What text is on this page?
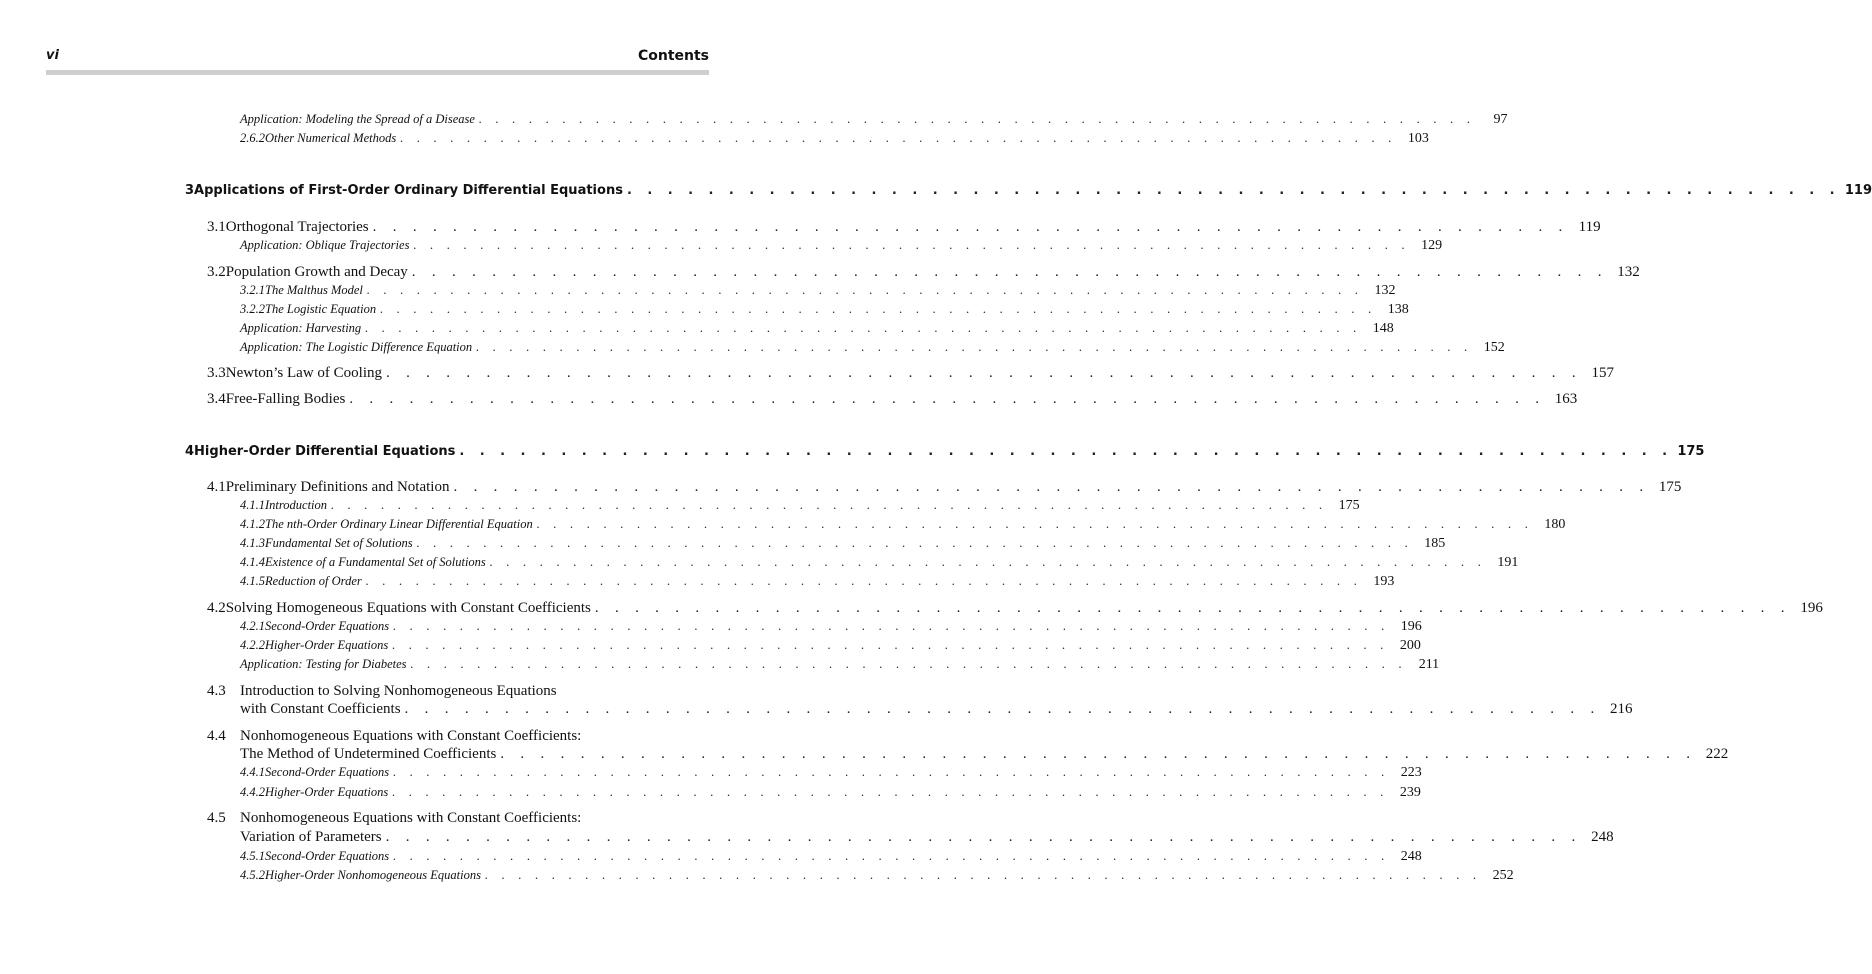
vi	Contents
Application: Modeling the Spread of a Disease . . . . . . . . . . . . . . . . . . . . . . . . . . . . . . . . . . . . . . . . . . . . . . . . . . . . . . . . . . . .	97
2.6.2 Other Numerical Methods . . . . . . . . . . . . . . . . . . . . . . . . . . . . . . . . . . . . . . . . . . . . . . . . . . . . . . . . . . . . 103
3 Applications of First-Order Ordinary Differential Equations . . . . . . . . . . . . . . . . . . . . . . . . . . . . . . . . . . . . . . . . . . . . . . . . . . . . . . . . . . . . 119
3.1 Orthogonal Trajectories . . . . . . . . . . . . . . . . . . . . . . . . . . . . . . . . . . . . . . . . . . . . . . . . . . . . . . . . . . . . 119
Application: Oblique Trajectories . . . . . . . . . . . . . . . . . . . . . . . . . . . . . . . . . . . . . . . . . . . . . . . . . . . . . . . . . . . . 129
3.2 Population Growth and Decay . . . . . . . . . . . . . . . . . . . . . . . . . . . . . . . . . . . . . . . . . . . . . . . . . . . . . . . . . . . . 132
3.2.1 The Malthus Model . . . . . . . . . . . . . . . . . . . . . . . . . . . . . . . . . . . . . . . . . . . . . . . . . . . . . . . . . . . . 132
3.2.2 The Logistic Equation . . . . . . . . . . . . . . . . . . . . . . . . . . . . . . . . . . . . . . . . . . . . . . . . . . . . . . . . . . . . 138
Application: Harvesting . . . . . . . . . . . . . . . . . . . . . . . . . . . . . . . . . . . . . . . . . . . . . . . . . . . . . . . . . . . . 148
Application: The Logistic Difference Equation . . . . . . . . . . . . . . . . . . . . . . . . . . . . . . . . . . . . . . . . . . . . . . . . . . . . . . . . . . . . 152
3.3 Newton’s Law of Cooling . . . . . . . . . . . . . . . . . . . . . . . . . . . . . . . . . . . . . . . . . . . . . . . . . . . . . . . . . . . . 157
3.4 Free-Falling Bodies . . . . . . . . . . . . . . . . . . . . . . . . . . . . . . . . . . . . . . . . . . . . . . . . . . . . . . . . . . . . 163
4 Higher-Order Differential Equations . . . . . . . . . . . . . . . . . . . . . . . . . . . . . . . . . . . . . . . . . . . . . . . . . . . . . . . . . . . . 175
4.1 Preliminary Definitions and Notation . . . . . . . . . . . . . . . . . . . . . . . . . . . . . . . . . . . . . . . . . . . . . . . . . . . . . . . . . . . . 175
4.1.1 Introduction . . . . . . . . . . . . . . . . . . . . . . . . . . . . . . . . . . . . . . . . . . . . . . . . . . . . . . . . . . . . 175
4.1.2 The nth-Order Ordinary Linear Differential Equation . . . . . . . . . . . . . . . . . . . . . . . . . . . . . . . . . . . . . . . . . . . . . . . . . . . . . . . . . . . . 180
4.1.3 Fundamental Set of Solutions . . . . . . . . . . . . . . . . . . . . . . . . . . . . . . . . . . . . . . . . . . . . . . . . . . . . . . . . . . . . 185
4.1.4 Existence of a Fundamental Set of Solutions . . . . . . . . . . . . . . . . . . . . . . . . . . . . . . . . . . . . . . . . . . . . . . . . . . . . . . . . . . . . 191
4.1.5 Reduction of Order . . . . . . . . . . . . . . . . . . . . . . . . . . . . . . . . . . . . . . . . . . . . . . . . . . . . . . . . . . . . 193
4.2 Solving Homogeneous Equations with Constant Coefficients . . . . . . . . . . . . . . . . . . . . . . . . . . . . . . . . . . . . . . . . . . . . . . . . . . . . . . . . . . . . 196
4.2.1 Second-Order Equations . . . . . . . . . . . . . . . . . . . . . . . . . . . . . . . . . . . . . . . . . . . . . . . . . . . . . . . . . . . . 196
4.2.2 Higher-Order Equations . . . . . . . . . . . . . . . . . . . . . . . . . . . . . . . . . . . . . . . . . . . . . . . . . . . . . . . . . . . . 200
Application: Testing for Diabetes . . . . . . . . . . . . . . . . . . . . . . . . . . . . . . . . . . . . . . . . . . . . . . . . . . . . . . . . . . . . 211
4.3 Introduction to Solving Nonhomogeneous Equations
with Constant Coefficients . . . . . . . . . . . . . . . . . . . . . . . . . . . . . . . . . . . . . . . . . . . . . . . . . . . . . . . . . . . . 216
4.4 Nonhomogeneous Equations with Constant Coefficients:
The Method of Undetermined Coefficients . . . . . . . . . . . . . . . . . . . . . . . . . . . . . . . . . . . . . . . . . . . . . . . . . . . . . . . . . . . . 222
4.4.1 Second-Order Equations . . . . . . . . . . . . . . . . . . . . . . . . . . . . . . . . . . . . . . . . . . . . . . . . . . . . . . . . . . . . 223
4.4.2 Higher-Order Equations . . . . . . . . . . . . . . . . . . . . . . . . . . . . . . . . . . . . . . . . . . . . . . . . . . . . . . . . . . . . 239
4.5 Nonhomogeneous Equations with Constant Coefficients:
Variation of Parameters . . . . . . . . . . . . . . . . . . . . . . . . . . . . . . . . . . . . . . . . . . . . . . . . . . . . . . . . . . . . 248
4.5.1 Second-Order Equations . . . . . . . . . . . . . . . . . . . . . . . . . . . . . . . . . . . . . . . . . . . . . . . . . . . . . . . . . . . . 248
4.5.2 Higher-Order Nonhomogeneous Equations . . . . . . . . . . . . . . . . . . . . . . . . . . . . . . . . . . . . . . . . . . . . . . . . . . . . . . . . . . . . 252
